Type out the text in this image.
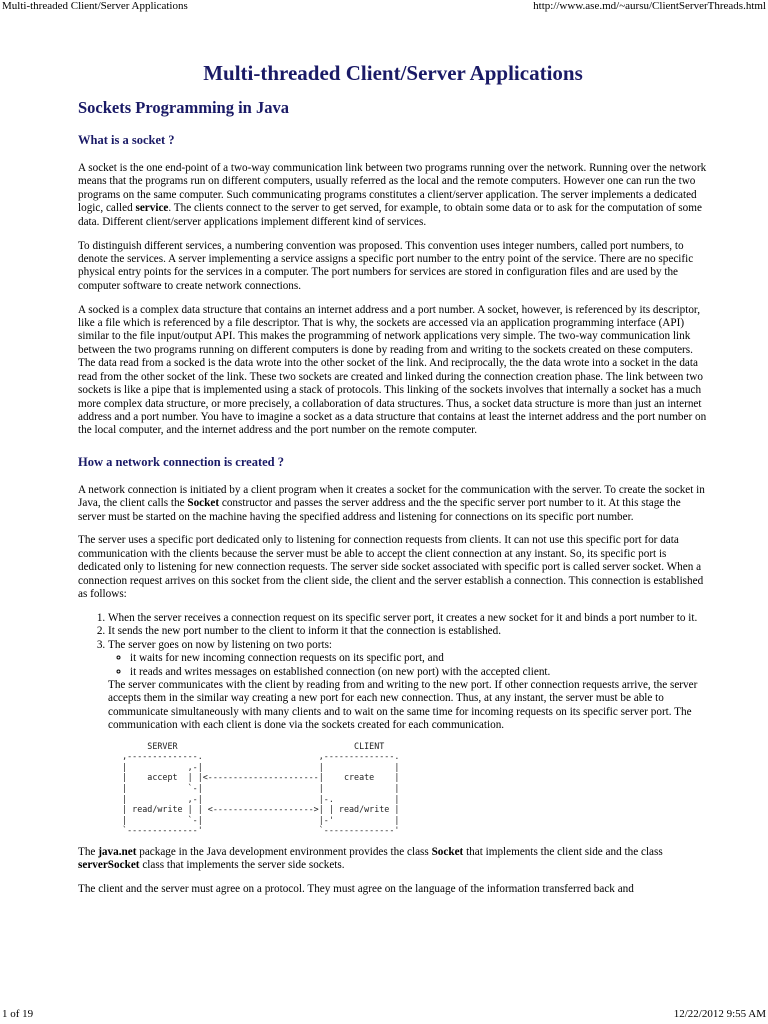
Multi-threaded Client/Server Applications	http://www.ase.md/~aursu/ClientServerThreads.html
Multi-threaded Client/Server Applications
Sockets Programming in Java
What is a socket ?

A socket is the one end-point of a two-way communication link between two programs running over the network. Running over the network means that the programs run on different computers, usually referred as the local and the remote computers. However one can run the two programs on the same computer. Such communicating programs constitutes a client/server application. The server implements a dedicated logic, called service. The clients connect to the server to get served, for example, to obtain some data or to ask for the computation of some data. Different client/server applications implement different kind of services.

To distinguish different services, a numbering convention was proposed. This convention uses integer numbers, called port numbers, to denote the services. A server implementing a service assigns a specific port number to the entry point of the service. There are no specific physical entry points for the services in a computer. The port numbers for services are stored in configuration files and are used by the computer software to create network connections.

A socked is a complex data structure that contains an internet address and a port number. A socket, however, is referenced by its descriptor, like a file which is referenced by a file descriptor. That is why, the sockets are accessed via an application programming interface (API) similar to the file input/output API. This makes the programming of network applications very simple. The two-way communication link between the two programs running on different computers is done by reading from and writing to the sockets created on these computers. The data read from a socked is the data wrote into the other socket of the link. And reciprocally, the the data wrote into a socket in the data read from the other socket of the link. These two sockets are created and linked during the connection creation phase. The link between two sockets is like a pipe that is implemented using a stack of protocols. This linking of the sockets involves that internally a socket has a much more complex data structure, or more precisely, a collaboration of data structures. Thus, a socket data structure is more than just an internet address and a port number. You have to imagine a socket as a data structure that contains at least the internet address and the port number on the local computer, and the internet address and the port number on the remote computer.

How a network connection is created ?

A network connection is initiated by a client program when it creates a socket for the communication with the server. To create the socket in Java, the client calls the Socket constructor and passes the server address and the the specific server port number to it. At this stage the server must be started on the machine having the specified address and listening for connections on its specific port number.

The server uses a specific port dedicated only to listening for connection requests from clients. It can not use this specific port for data communication with the clients because the server must be able to accept the client connection at any instant. So, its specific port is dedicated only to listening for new connection requests. The server side socket associated with specific port is called server socket. When a connection request arrives on this socket from the client side, the client and the server establish a connection. This connection is established as follows:

1. When the server receives a connection request on its specific server port, it creates a new socket for it and binds a port number to it.
2. It sends the new port number to the client to inform it that the connection is established.
3. The server goes on now by listening on two ports:
◦ it waits for new incoming connection requests on its specific port, and
◦ it reads and writes messages on established connection (on new port) with the accepted client.
The server communicates with the client by reading from and writing to the new port. If other connection requests arrive, the server accepts them in the similar way creating a new port for each new connection. Thus, at any instant, the server must be able to communicate simultaneously with many clients and to wait on the same time for incoming requests on its specific server port. The communication with each client is done via the sockets created for each communication.
SERVER                                   CLIENT
,--------------.                       ,--------------.
|            ,-|                       |              |
|    accept  | |<----------------------|    create    |
|            `-|                       |              |
|            ,-|                       |-.            |
| read/write | | <-------------------->| | read/write |
|            `-|                       |-'            |
`--------------'                       `--------------'

The java.net package in the Java development environment provides the class Socket that implements the client side and the class serverSocket class that implements the server side sockets.

The client and the server must agree on a protocol. They must agree on the language of the information transferred back and

1 of 19	12/22/2012 9:55 AM
